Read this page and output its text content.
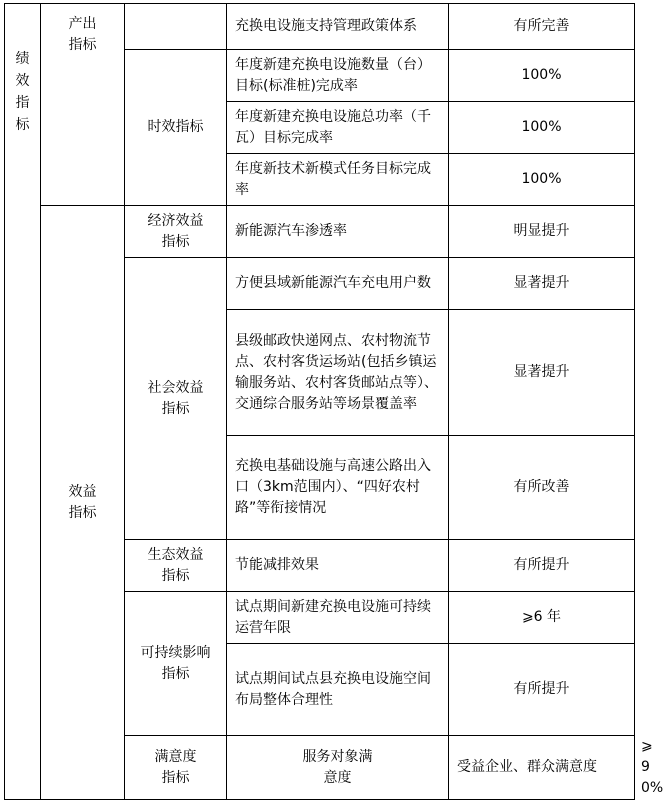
绩效指标	产出指标		充换电设施支持管理政策体系	有所完善	
		时效指标	年度新建充换电设施数量（台）目标(标准桩)完成率	100%	
			年度新建充换电设施总功率（千瓦）目标完成率	100%	
			年度新技术新模式任务目标完成率	100%	

	效益指标	经济效益指标	新能源汽车渗透率	明显提升	

		社会效益指标	方便县域新能源汽车充电用户数	显著提升	
			县级邮政快递网点、农村物流节点、农村客货运场站(包括乡镇运输服务站、农村客货邮站点等）、交通综合服务站等场景覆盖率	显著提升	
			充换电基础设施与高速公路出入口（3km范围内）、“四好农村路”等衔接情况	有所改善	

		生态效益指标	节能减排效果	有所提升	

		可持续影响指标	试点期间新建充换电设施可持续运营年限	⩾6 年	
			试点期间试点县充换电设施空间布局整体合理性	有所提升	

		满意度指标	服务对象满意度	受益企业、群众满意度	⩾90%
